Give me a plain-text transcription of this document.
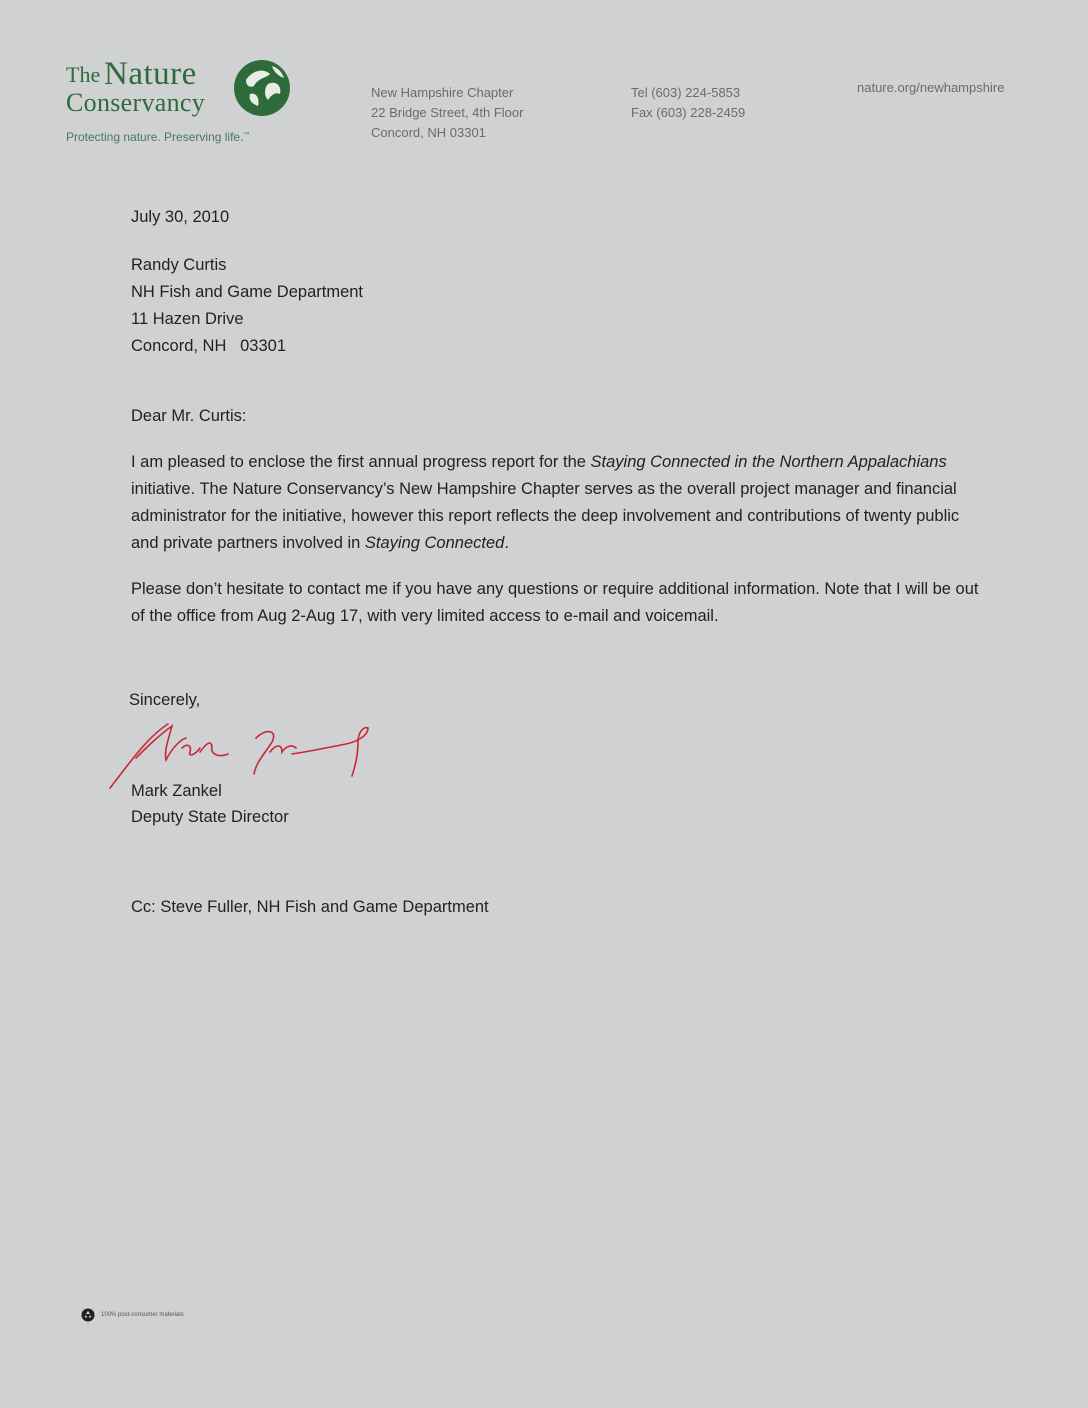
The Nature
Conservancy
Protecting nature. Preserving life.™
New Hampshire Chapter
22 Bridge Street, 4th Floor
Concord, NH 03301
Tel (603) 224-5853
Fax (603) 228-2459
nature.org/newhampshire
July 30, 2010
Randy Curtis
NH Fish and Game Department
11 Hazen Drive
Concord, NH   03301
Dear Mr. Curtis:
I am pleased to enclose the first annual progress report for the Staying Connected in the Northern Appalachians initiative. The Nature Conservancy’s New Hampshire Chapter serves as the overall project manager and financial administrator for the initiative, however this report reflects the deep involvement and contributions of twenty public and private partners involved in Staying Connected.
Please don’t hesitate to contact me if you have any questions or require additional information. Note that I will be out of the office from Aug 2-Aug 17, with very limited access to e-mail and voicemail.
Sincerely,
Mark Zankel
Deputy State Director
Cc: Steve Fuller, NH Fish and Game Department
100% post-consumer materials
